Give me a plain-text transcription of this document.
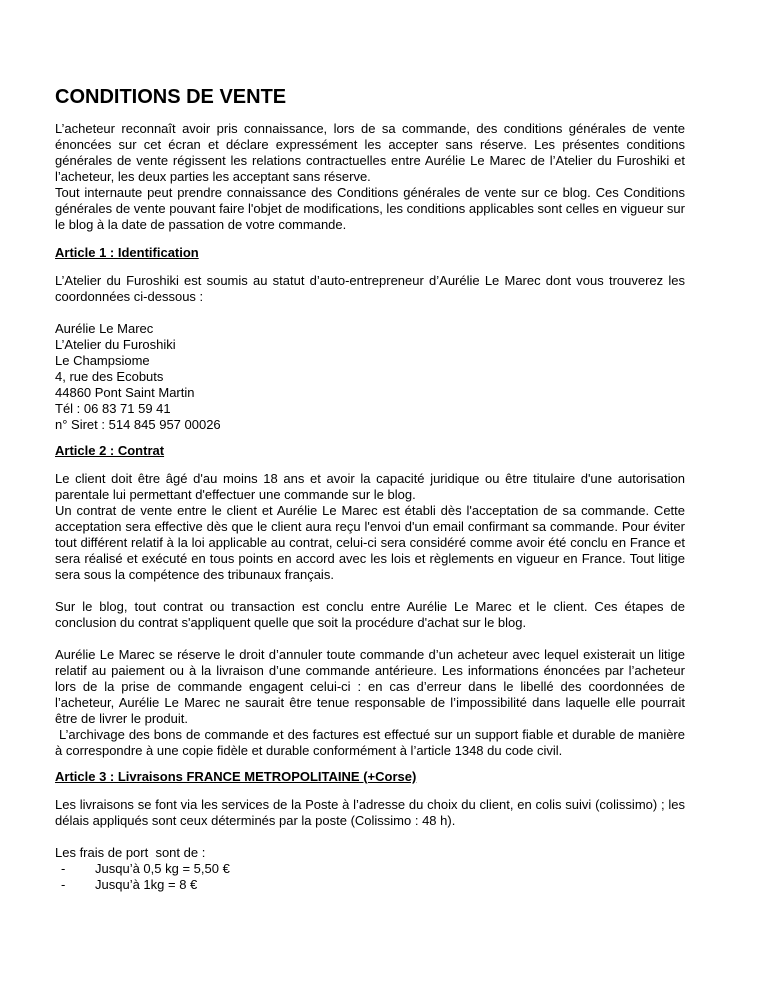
CONDITIONS DE VENTE

L’acheteur reconnaît avoir pris connaissance, lors de sa commande, des conditions générales de vente énoncées sur cet écran et déclare expressément les accepter sans réserve. Les présentes conditions générales de vente régissent les relations contractuelles entre Aurélie Le Marec de l’Atelier du Furoshiki et l’acheteur, les deux parties les acceptant sans réserve.

Tout internaute peut prendre connaissance des Conditions générales de vente sur ce blog. Ces Conditions générales de vente pouvant faire l'objet de modifications, les conditions applicables sont celles en vigueur sur le blog à la date de passation de votre commande.

Article 1 : Identification

L’Atelier du Furoshiki est soumis au statut d’auto-entrepreneur d’Aurélie Le Marec dont vous trouverez les coordonnées ci-dessous :

Aurélie Le Marec

L’Atelier du Furoshiki

Le Champsiome

4, rue des Ecobuts

44860 Pont Saint Martin

Tél : 06 83 71 59 41

n° Siret : 514 845 957 00026

Article 2 : Contrat

Le client doit être âgé d'au moins 18 ans et avoir la capacité juridique ou être titulaire d'une autorisation parentale lui permettant d'effectuer une commande sur le blog.

Un contrat de vente entre le client et Aurélie Le Marec est établi dès l'acceptation de sa commande. Cette acceptation sera effective dès que le client aura reçu l'envoi d'un email confirmant sa commande. Pour éviter tout différent relatif à la loi applicable au contrat, celui-ci sera considéré comme avoir été conclu en France et sera réalisé et exécuté en tous points en accord avec les lois et règlements en vigueur en France. Tout litige sera sous la compétence des tribunaux français.

Sur le blog, tout contrat ou transaction est conclu entre Aurélie Le Marec et le client. Ces étapes de conclusion du contrat s'appliquent quelle que soit la procédure d'achat sur le blog.

Aurélie Le Marec se réserve le droit d’annuler toute commande d’un acheteur avec lequel existerait un litige relatif au paiement ou à la livraison d’une commande antérieure. Les informations énoncées par l’acheteur lors de la prise de commande engagent celui-ci : en cas d’erreur dans le libellé des coordonnées de l’acheteur, Aurélie Le Marec ne saurait être tenue responsable de l’impossibilité dans laquelle elle pourrait être de livrer le produit.

L’archivage des bons de commande et des factures est effectué sur un support fiable et durable de manière à correspondre à une copie fidèle et durable conformément à l’article 1348 du code civil.

Article 3 : Livraisons FRANCE METROPOLITAINE (+Corse)

Les livraisons se font via les services de la Poste à l’adresse du choix du client, en colis suivi (colissimo) ; les délais appliqués sont ceux déterminés par la poste (Colissimo : 48 h).

Les frais de port  sont de :

- Jusqu’à 0,5 kg = 5,50 €
- Jusqu’à 1kg = 8 €
